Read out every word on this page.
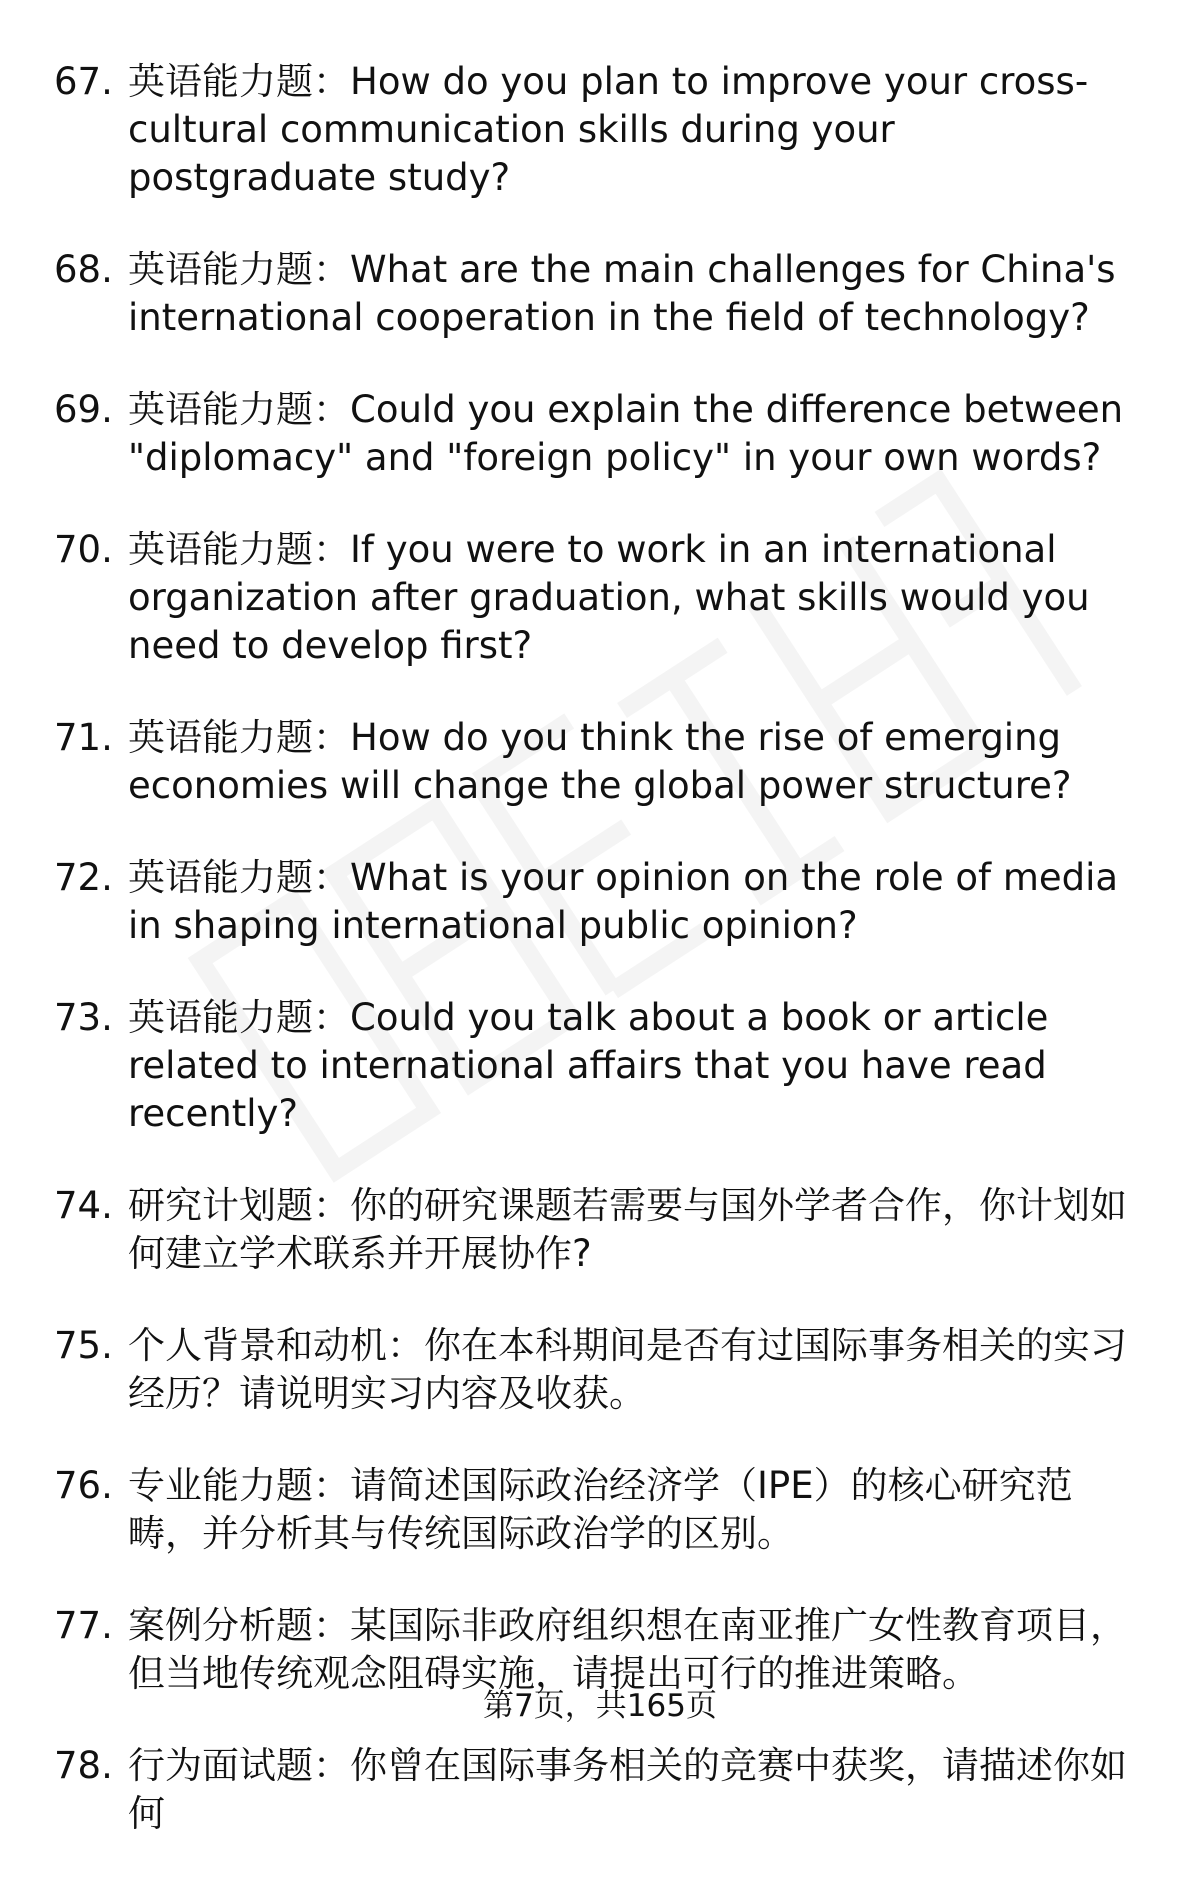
67. 英语能力题：How do you plan to improve your cross-cultural communication skills during your postgraduate study?
68. 英语能力题：What are the main challenges for China's international cooperation in the field of technology?
69. 英语能力题：Could you explain the difference between "diplomacy" and "foreign policy" in your own words?
70. 英语能力题：If you were to work in an international organization after graduation, what skills would you need to develop first?
71. 英语能力题：How do you think the rise of emerging economies will change the global power structure?
72. 英语能力题：What is your opinion on the role of media in shaping international public opinion?
73. 英语能力题：Could you talk about a book or article related to international affairs that you have read recently?
74. 研究计划题：你的研究课题若需要与国外学者合作，你计划如何建立学术联系并开展协作?
75. 个人背景和动机：你在本科期间是否有过国际事务相关的实习经历？请说明实习内容及收获。
76. 专业能力题：请简述国际政治经济学（IPE）的核心研究范畴，并分析其与传统国际政治学的区别。
77. 案例分析题：某国际非政府组织想在南亚推广女性教育项目，但当地传统观念阻碍实施，请提出可行的推进策略。
78. 行为面试题：你曾在国际事务相关的竞赛中获奖，请描述你如何
第7页，共165页
